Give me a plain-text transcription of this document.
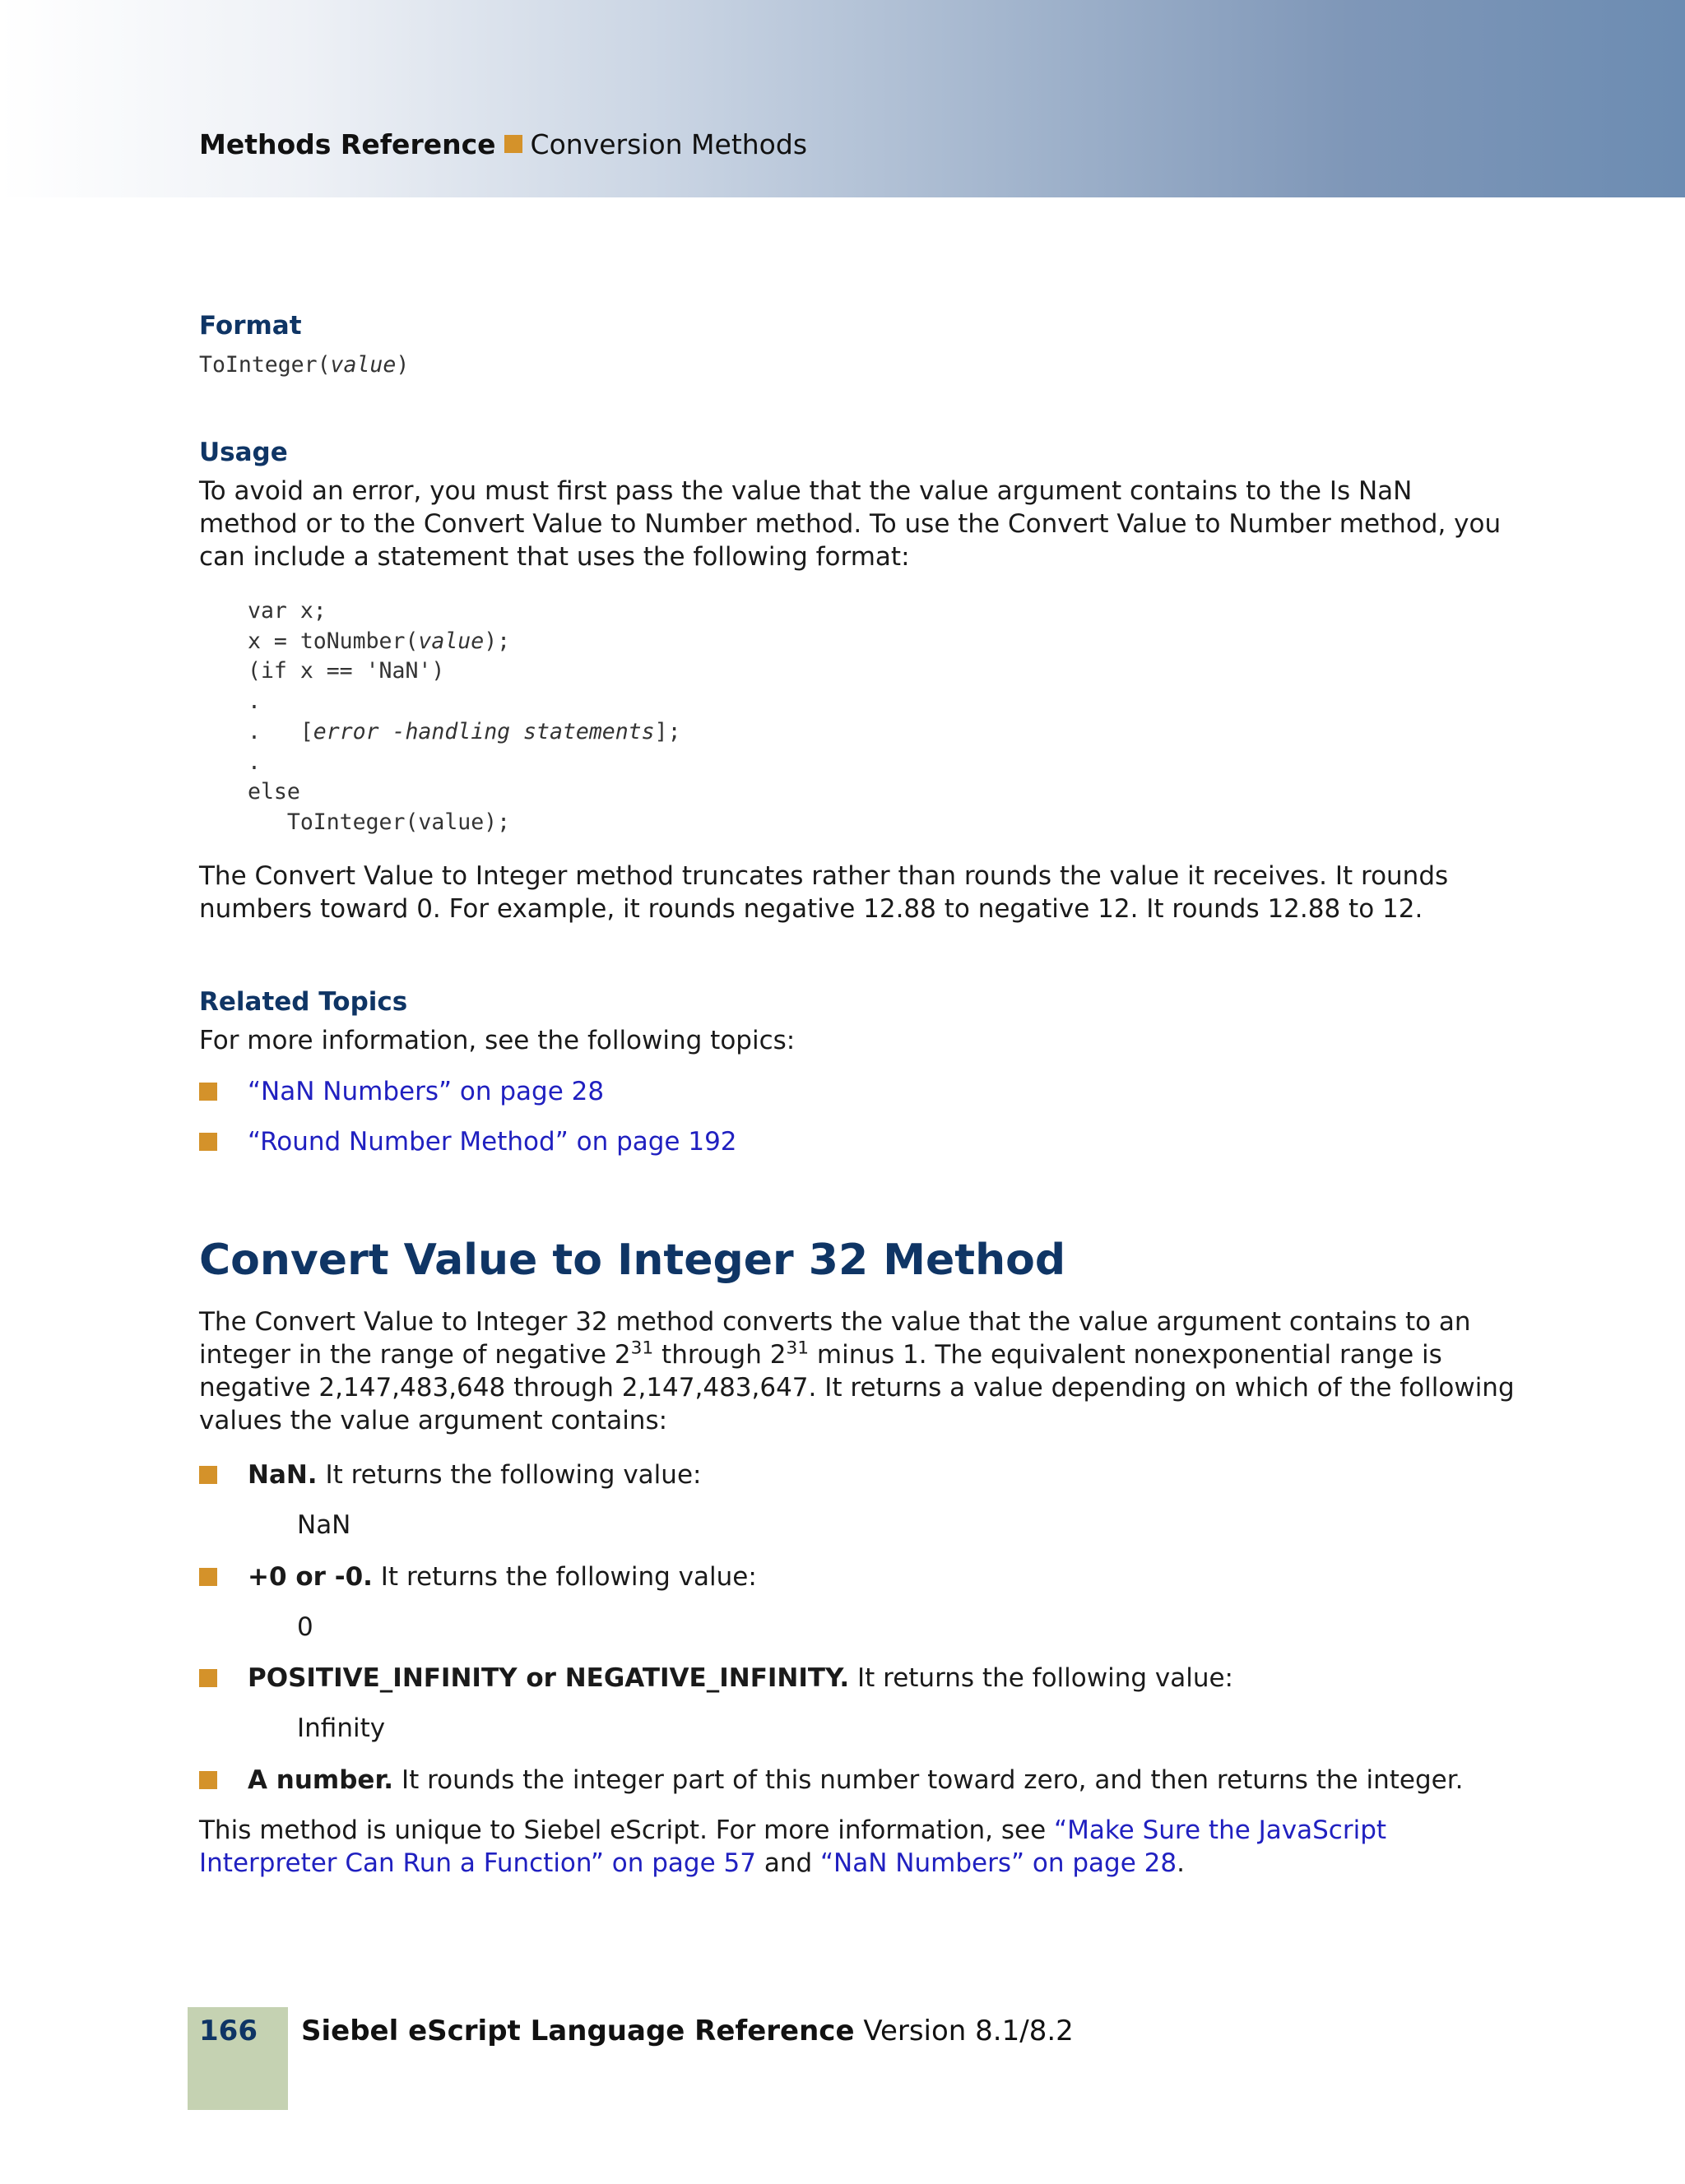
Methods Reference Conversion Methods
Format
ToInteger(value)
Usage
To avoid an error, you must first pass the value that the value argument contains to the Is NaN method or to the Convert Value to Number method. To use the Convert Value to Number method, you can include a statement that uses the following format:
var x;
x = toNumber(value);
(if x == 'NaN')
.
.   [error -handling statements];
.
else
ToInteger(value);
The Convert Value to Integer method truncates rather than rounds the value it receives. It rounds numbers toward 0. For example, it rounds negative 12.88 to negative 12. It rounds 12.88 to 12.
Related Topics
For more information, see the following topics:
“NaN Numbers” on page 28
“Round Number Method” on page 192
Convert Value to Integer 32 Method
The Convert Value to Integer 32 method converts the value that the value argument contains to an integer in the range of negative $2^{31}$ through $2^{31}$ minus 1. The equivalent nonexponential range is negative 2,147,483,648 through 2,147,483,647. It returns a value depending on which of the following values the value argument contains:
NaN. It returns the following value:
NaN
+0 or -0. It returns the following value:
0
POSITIVE_INFINITY or NEGATIVE_INFINITY. It returns the following value:
Infinity
A number. It rounds the integer part of this number toward zero, and then returns the integer.
This method is unique to Siebel eScript. For more information, see “Make Sure the JavaScript Interpreter Can Run a Function” on page 57 and “NaN Numbers” on page 28.
166 Siebel eScript Language Reference Version 8.1/8.2
